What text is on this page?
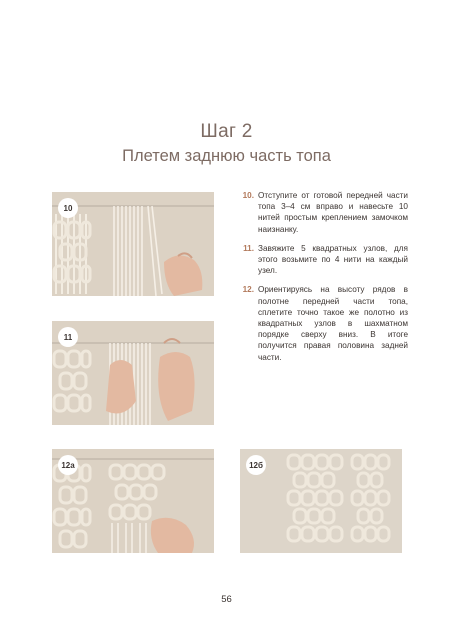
Шаг 2
Плетем заднюю часть топа
10
11
12а	12б
10. Отступите от готовой передней части топа 3–4 см вправо и навесьте 10 нитей простым креплением замочком наизнанку.
11. Завяжите 5 квадратных узлов, для этого возьмите по 4 нити на каждый узел.
12. Ориентируясь на высоту рядов в полотне передней части топа, сплетите точно такое же полотно из квадратных узлов в шахматном порядке сверху вниз. В итоге получится правая половина задней части.
56
